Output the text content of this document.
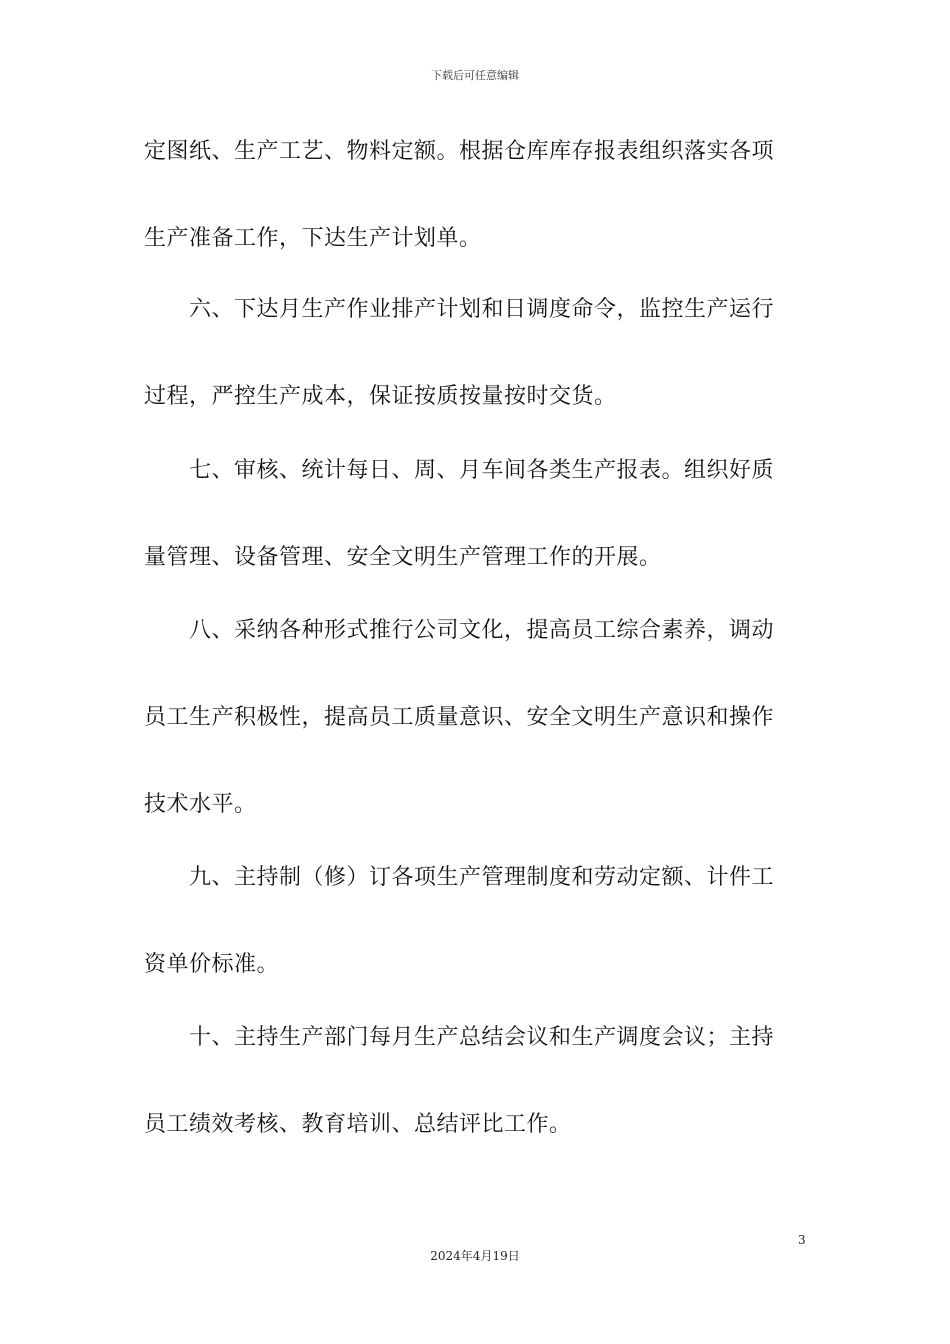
下载后可任意编辑
定图纸、生产工艺、物料定额。根据仓库库存报表组织落实各项
生产准备工作，下达生产计划单。
六、下达月生产作业排产计划和日调度命令，监控生产运行
过程，严控生产成本，保证按质按量按时交货。
七、审核、统计每日、周、月车间各类生产报表。组织好质
量管理、设备管理、安全文明生产管理工作的开展。
八、采纳各种形式推行公司文化，提高员工综合素养，调动
员工生产积极性，提高员工质量意识、安全文明生产意识和操作
技术水平。
九、主持制（修）订各项生产管理制度和劳动定额、计件工
资单价标准。
十、主持生产部门每月生产总结会议和生产调度会议；主持
员工绩效考核、教育培训、总结评比工作。
3
2024年4月19日
